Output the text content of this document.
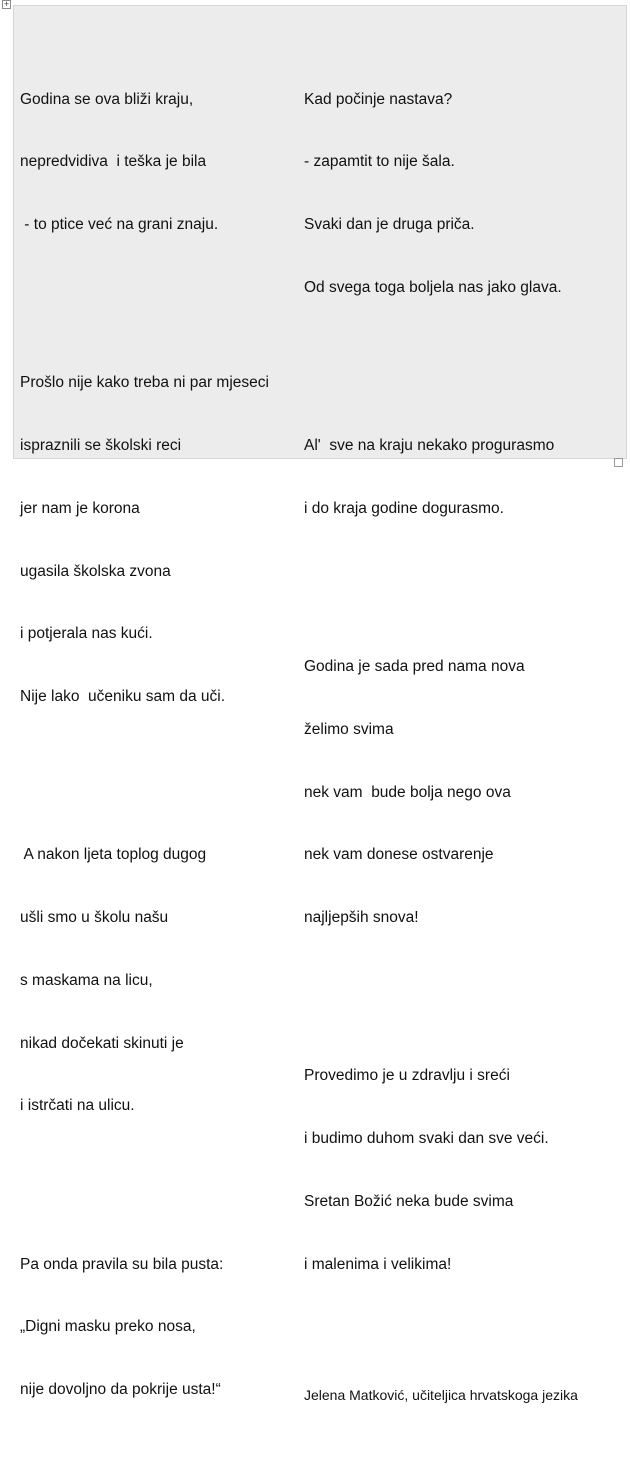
+

Godina se ova bliži kraju,

nepredvidiva  i teška je bila

- to ptice već na grani znaju.

Prošlo nije kako treba ni par mjeseci

ispraznili se školski reci

jer nam je korona

ugasila školska zvona

i potjerala nas kući.

Nije lako  učeniku sam da uči.

A nakon ljeta toplog dugog

ušli smo u školu našu

s maskama na licu,

nikad dočekati skinuti je

i istrčati na ulicu.

Pa onda pravila su bila pusta:

„Digni masku preko nosa,

nije dovoljno da pokrije usta!“

Kad počinje nastava?

- zapamtit to nije šala.

Svaki dan je druga priča.

Od svega toga boljela nas jako glava.

Al'  sve na kraju nekako progurasmo

i do kraja godine dogurasmo.

Godina je sada pred nama nova

želimo svima

nek vam  bude bolja nego ova

nek vam donese ostvarenje

najljepših snova!

Provedimo je u zdravlju i sreći

i budimo duhom svaki dan sve veći.

Sretan Božić neka bude svima

i malenima i velikima!

Jelena Matković, učiteljica hrvatskoga jezika
